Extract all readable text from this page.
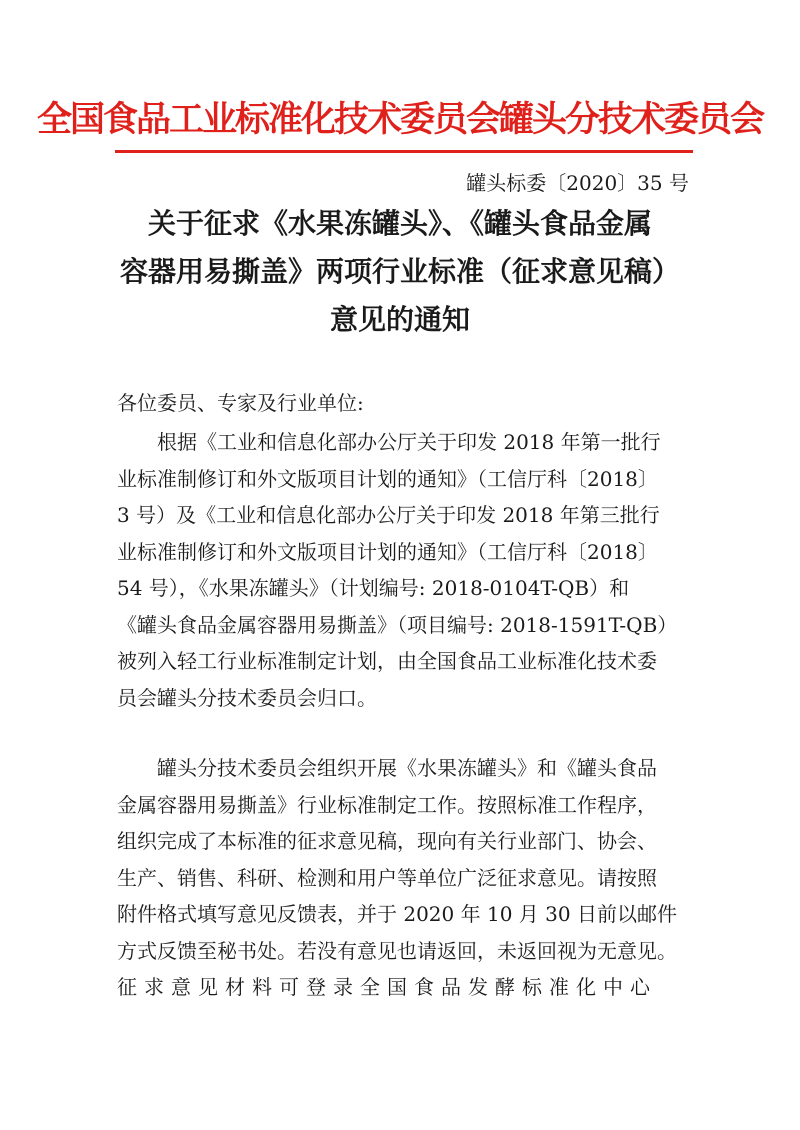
全国食品工业标准化技术委员会罐头分技术委员会
罐头标委〔2020〕35 号
关于征求《水果冻罐头》、《罐头食品金属
容器用易撕盖》两项行业标准（征求意见稿）
意见的通知
各位委员、专家及行业单位:
根据《工业和信息化部办公厅关于印发 2018 年第一批行
业标准制修订和外文版项目计划的通知》（工信厅科〔2018〕
3 号）及《工业和信息化部办公厅关于印发 2018 年第三批行
业标准制修订和外文版项目计划的通知》（工信厅科〔2018〕
54 号），《水果冻罐头》（计划编号: 2018-0104T-QB）和
《罐头食品金属容器用易撕盖》（项目编号: 2018-1591T-QB）
被列入轻工行业标准制定计划，由全国食品工业标准化技术委
员会罐头分技术委员会归口。
罐头分技术委员会组织开展《水果冻罐头》和《罐头食品
金属容器用易撕盖》行业标准制定工作。按照标准工作程序，
组织完成了本标准的征求意见稿，现向有关行业部门、协会、
生产、销售、科研、检测和用户等单位广泛征求意见。请按照
附件格式填写意见反馈表，并于 2020 年 10 月 30 日前以邮件
方式反馈至秘书处。若没有意见也请返回，未返回视为无意见。
征求意见材料可登录全国食品发酵标准化中心
